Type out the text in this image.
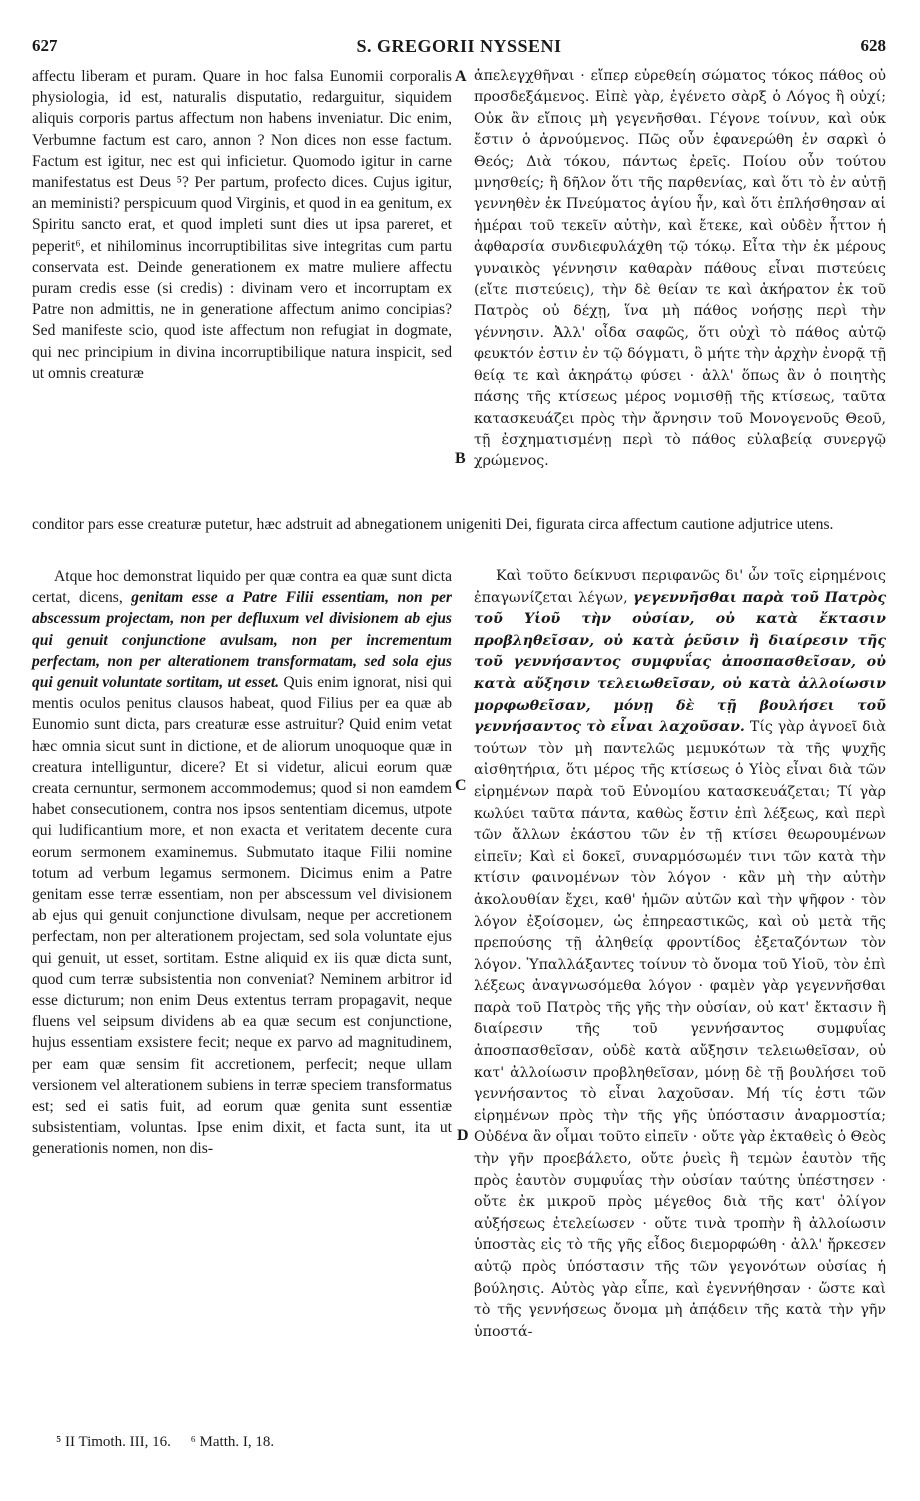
627	S. GREGORII NYSSENI	628

affectu liberam et puram. Quare in hoc falsa Eunomii corporalis physiologia, id est, naturalis disputatio, redarguitur, siquidem aliquis corporis partus affectum non habens inveniatur. Dic enim, Verbumne factum est caro, annon ? Non dices non esse factum. Factum est igitur, nec est qui inficietur. Quomodo igitur in carne manifestatus est Deus ⁵? Per partum, profecto dices. Cujus igitur, an meministi? perspicuum quod Virginis, et quod in ea genitum, ex Spiritu sancto erat, et quod impleti sunt dies ut ipsa pareret, et peperit⁶, et nihilominus incorruptibilitas sive integritas cum partu conservata est. Deinde generationem ex matre muliere affectu puram credis esse (si credis) : divinam vero et incorruptam ex Patre non admittis, ne in generatione affectum animo concipias? Sed manifeste scio, quod iste affectum non refugiat in dogmate, qui nec principium in divina incorruptibilique natura inspicit, sed ut omnis creaturæ

ἀπελεγχθῆναι · εἴπερ εὑρεθείη σώματος τόκος πάθος οὐ προσδεξάμενος. Εἰπὲ γὰρ, ἐγένετο σὰρξ ὁ Λόγος ἢ οὐχί; Οὐκ ἂν εἴποις μὴ γεγενῆσθαι. Γέγονε τοίνυν, καὶ οὐκ ἔστιν ὁ ἀρνούμενος. Πῶς οὖν ἐφανερώθη ἐν σαρκὶ ὁ Θεός; Διὰ τόκου, πάντως ἐρεῖς. Ποίου οὖν τούτου μνησθείς; ἢ δῆλον ὅτι τῆς παρθενίας, καὶ ὅτι τὸ ἐν αὐτῇ γεννηθὲν ἐκ Πνεύματος ἁγίου ἦν, καὶ ὅτι ἐπλήσθησαν αἱ ἡμέραι τοῦ τεκεῖν αὐτὴν, καὶ ἔτεκε, καὶ οὐδὲν ἧττον ἡ ἀφθαρσία συνδιεφυλάχθη τῷ τόκῳ. Εἶτα τὴν ἐκ μέρους γυναικὸς γέννησιν καθαρὰν πάθους εἶναι πιστεύεις (εἴτε πιστεύεις), τὴν δὲ θείαν τε καὶ ἀκήρατον ἐκ τοῦ Πατρὸς οὐ δέχῃ, ἵνα μὴ πάθος νοήσῃς περὶ τὴν γέννησιν. Ἀλλ' οἶδα σαφῶς, ὅτι οὐχὶ τὸ πάθος αὐτῷ φευκτόν ἐστιν ἐν τῷ δόγματι, ὃ μήτε τὴν ἀρχὴν ἐνορᾷ τῇ θείᾳ τε καὶ ἀκηράτῳ φύσει · ἀλλ' ὅπως ἂν ὁ ποιητὴς πάσης τῆς κτίσεως μέρος νομισθῇ τῆς κτίσεως, ταῦτα κατασκευάζει πρὸς τὴν ἄρνησιν τοῦ Μονογενοῦς Θεοῦ, τῇ ἐσχηματισμένῃ περὶ τὸ πάθος εὐλαβείᾳ συνεργῷ χρώμενος.

conditor pars esse creaturæ putetur, hæc adstruit ad abnegationem unigeniti Dei, figurata circa affectum cautione adjutrice utens.

Atque hoc demonstrat liquido per quæ contra ea quæ sunt dicta certat, dicens, genitam esse a Patre Filii essentiam, non per abscessum projectam, non per defluxum vel divisionem ab ejus qui genuit conjunctione avulsam, non per incrementum perfectam, non per alterationem transformatam, sed sola ejus qui genuit voluntate sortitam, ut esset. Quis enim ignorat, nisi qui mentis oculos penitus clausos habeat, quod Filius per ea quæ ab Eunomio sunt dicta, pars creaturæ esse astruitur? Quid enim vetat hæc omnia sicut sunt in dictione, et de aliorum unoquoque quæ in creatura intelliguntur, dicere? Et si videtur, alicui eorum quæ creata cernuntur, sermonem accommodemus; quod si non eamdem habet consecutionem, contra nos ipsos sententiam dicemus, utpote qui ludificantium more, et non exacta et veritatem decente cura eorum sermonem examinemus. Submutato itaque Filii nomine totum ad verbum legamus sermonem. Dicimus enim a Patre genitam esse terræ essentiam, non per abscessum vel divisionem ab ejus qui genuit conjunctione divulsam, neque per accretionem perfectam, non per alterationem projectam, sed sola voluntate ejus qui genuit, ut esset, sortitam. Estne aliquid ex iis quæ dicta sunt, quod cum terræ subsistentia non conveniat? Neminem arbitror id esse dicturum; non enim Deus extentus terram propagavit, neque fluens vel seipsum dividens ab ea quæ secum est conjunctione, hujus essentiam exsistere fecit; neque ex parvo ad magnitudinem, per eam quæ sensim fit accretionem, perfecit; neque ullam versionem vel alterationem subiens in terræ speciem transformatus est; sed ei satis fuit, ad eorum quæ genita sunt essentiæ subsistentiam, voluntas. Ipse enim dixit, et facta sunt, ita ut generationis nomen, non dis-

Καὶ τοῦτο δείκνυσι περιφανῶς δι' ὧν τοῖς εἰρημένοις ἐπαγωνίζεται λέγων, γεγεννῆσθαι παρὰ τοῦ Πατρὸς τοῦ Υἱοῦ τὴν οὐσίαν, οὐ κατὰ ἔκτασιν προβληθεῖσαν, οὐ κατὰ ῥεῦσιν ἢ διαίρεσιν τῆς τοῦ γεννήσαντος συμφυΐας ἀποσπασθεῖσαν, οὐ κατὰ αὔξησιν τελειωθεῖσαν, οὐ κατὰ ἀλλοίωσιν μορφωθεῖσαν, μόνῃ δὲ τῇ βουλήσει τοῦ γεννήσαντος τὸ εἶναι λαχοῦσαν. Τίς γὰρ ἀγνοεῖ διὰ τούτων τὸν μὴ παντελῶς μεμυκότων τὰ τῆς ψυχῆς αἰσθητήρια, ὅτι μέρος τῆς κτίσεως ὁ Υἱὸς εἶναι διὰ τῶν εἰρημένων παρὰ τοῦ Εὐνομίου κατασκευάζεται; Τί γὰρ κωλύει ταῦτα πάντα, καθὼς ἔστιν ἐπὶ λέξεως, καὶ περὶ τῶν ἄλλων ἑκάστου τῶν ἐν τῇ κτίσει θεωρουμένων εἰπεῖν; Καὶ εἰ δοκεῖ, συναρμόσωμέν τινι τῶν κατὰ τὴν κτίσιν φαινομένων τὸν λόγον · κἂν μὴ τὴν αὐτὴν ἀκολουθίαν ἔχει, καθ' ἡμῶν αὐτῶν καὶ τὴν ψῆφον · τὸν λόγον ἐξοίσομεν, ὡς ἐπηρεαστικῶς, καὶ οὐ μετὰ τῆς πρεπούσης τῇ ἀληθείᾳ φροντίδος ἐξεταζόντων τὸν λόγον. Ὑπαλλάξαντες τοίνυν τὸ ὄνομα τοῦ Υἱοῦ, τὸν ἐπὶ λέξεως ἀναγνωσόμεθα λόγον · φαμὲν γὰρ γεγεννῆσθαι παρὰ τοῦ Πατρὸς τῆς γῆς τὴν οὐσίαν, οὐ κατ' ἔκτασιν ἢ διαίρεσιν τῆς τοῦ γεννήσαντος συμφυΐας ἀποσπασθεῖσαν, οὐδὲ κατὰ αὔξησιν τελειωθεῖσαν, οὐ κατ' ἀλλοίωσιν προβληθεῖσαν, μόνῃ δὲ τῇ βουλήσει τοῦ γεννήσαντος τὸ εἶναι λαχοῦσαν. Μή τίς ἐστι τῶν εἰρημένων πρὸς τὴν τῆς γῆς ὑπόστασιν ἀναρμοστία; Οὐδένα ἂν οἶμαι τοῦτο εἰπεῖν · οὔτε γὰρ ἐκταθεὶς ὁ Θεὸς τὴν γῆν προεβάλετο, οὔτε ῥυεὶς ἢ τεμὼν ἑαυτὸν τῆς πρὸς ἑαυτὸν συμφυΐας τὴν οὐσίαν ταύτης ὑπέστησεν · οὔτε ἐκ μικροῦ πρὸς μέγεθος διὰ τῆς κατ' ὀλίγον αὐξήσεως ἐτελείωσεν · οὔτε τινὰ τροπὴν ἢ ἀλλοίωσιν ὑποστὰς εἰς τὸ τῆς γῆς εἶδος διεμορφώθη · ἀλλ' ἤρκεσεν αὐτῷ πρὸς ὑπόστασιν τῆς τῶν γεγονότων οὐσίας ἡ βούλησις. Αὐτὸς γὰρ εἶπε, καὶ ἐγεννήθησαν · ὥστε καὶ τὸ τῆς γεννήσεως ὄνομα μὴ ἀπᾴδειν τῆς κατὰ τὴν γῆν ὑποστά-

A
B
C
D
⁵ II Timoth. III, 16. ⁶ Matth. I, 18.
